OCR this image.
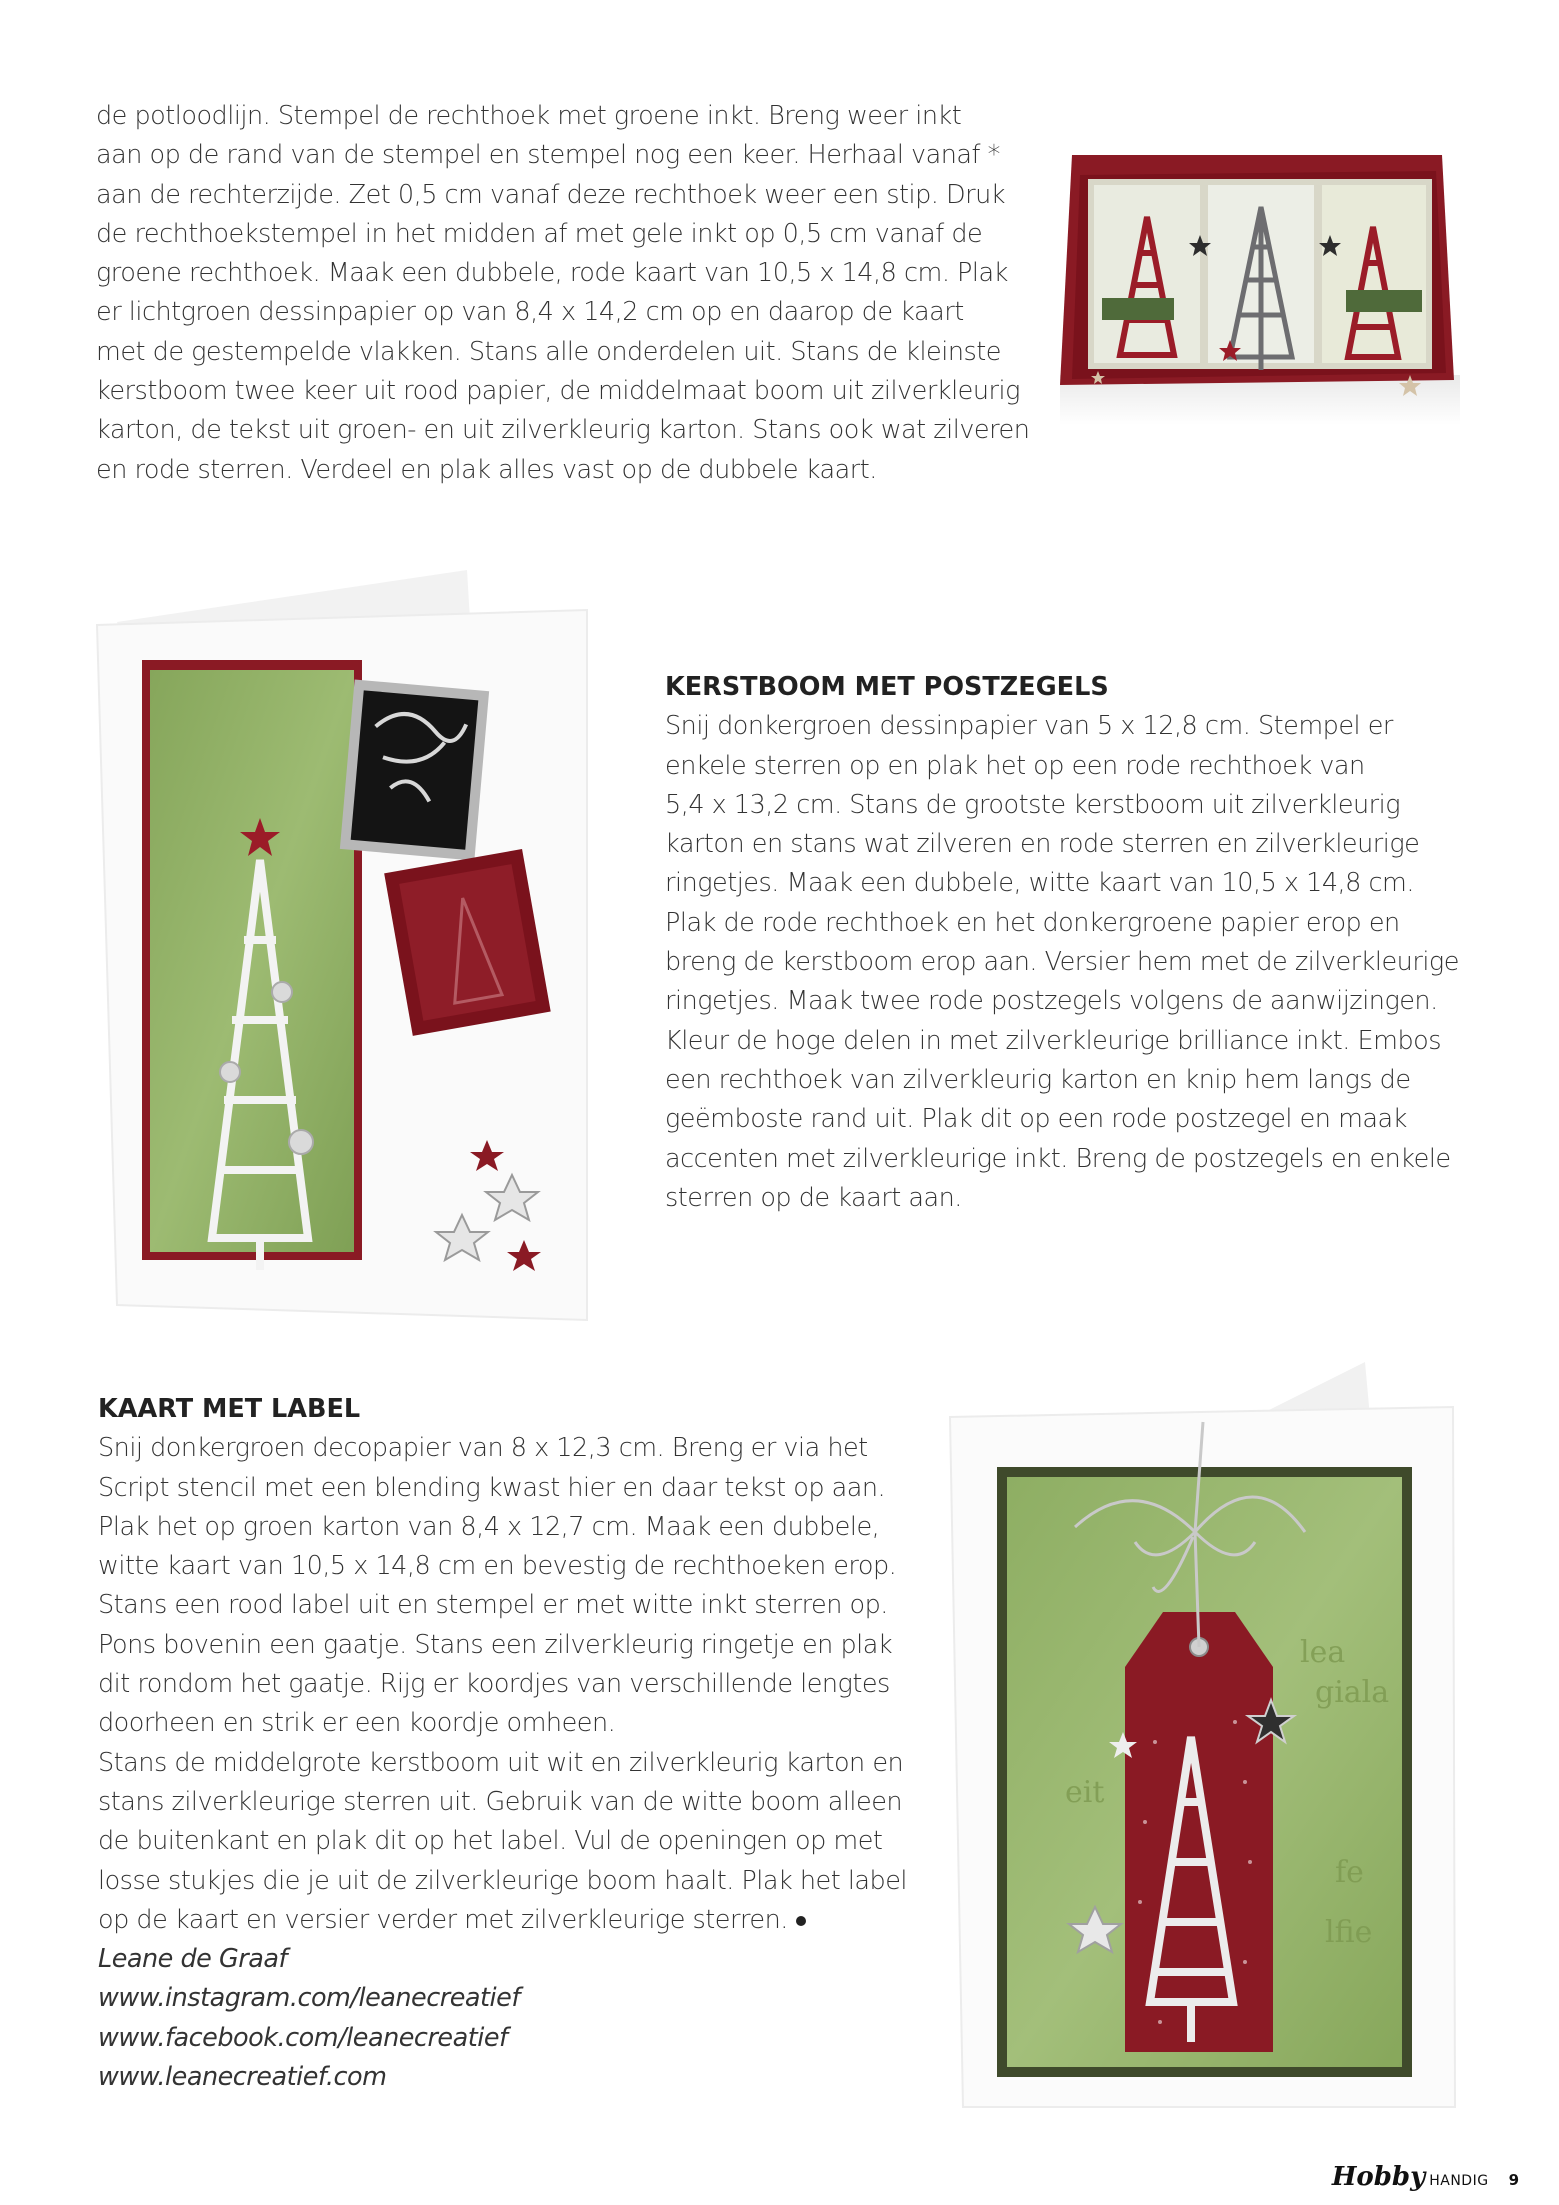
de potloodlijn. Stempel de rechthoek met groene inkt. Breng weer inkt
aan op de rand van de stempel en stempel nog een keer. Herhaal vanaf *
aan de rechterzijde. Zet 0,5 cm vanaf deze rechthoek weer een stip. Druk
de rechthoekstempel in het midden af met gele inkt op 0,5 cm vanaf de
groene rechthoek. Maak een dubbele, rode kaart van 10,5 x 14,8 cm. Plak
er lichtgroen dessinpapier op van 8,4 x 14,2 cm op en daarop de kaart
met de gestempelde vlakken. Stans alle onderdelen uit. Stans de kleinste
kerstboom twee keer uit rood papier, de middelmaat boom uit zilverkleurig
karton, de tekst uit groen- en uit zilverkleurig karton. Stans ook wat zilveren
en rode sterren. Verdeel en plak alles vast op de dubbele kaart.
KERSTBOOM MET POSTZEGELS
Snij donkergroen dessinpapier van 5 x 12,8 cm. Stempel er
enkele sterren op en plak het op een rode rechthoek van
5,4 x 13,2 cm. Stans de grootste kerstboom uit zilverkleurig
karton en stans wat zilveren en rode sterren en zilverkleurige
ringetjes. Maak een dubbele, witte kaart van 10,5 x 14,8 cm.
Plak de rode rechthoek en het donkergroene papier erop en
breng de kerstboom erop aan. Versier hem met de zilverkleurige
ringetjes. Maak twee rode postzegels volgens de aanwijzingen.
Kleur de hoge delen in met zilverkleurige brilliance inkt. Embos
een rechthoek van zilverkleurig karton en knip hem langs de
geëmboste rand uit. Plak dit op een rode postzegel en maak
accenten met zilverkleurige inkt. Breng de postzegels en enkele
sterren op de kaart aan.
KAART MET LABEL
Snij donkergroen decopapier van 8 x 12,3 cm. Breng er via het
Script stencil met een blending kwast hier en daar tekst op aan.
Plak het op groen karton van 8,4 x 12,7 cm. Maak een dubbele,
witte kaart van 10,5 x 14,8 cm en bevestig de rechthoeken erop.
Stans een rood label uit en stempel er met witte inkt sterren op.
Pons bovenin een gaatje. Stans een zilverkleurig ringetje en plak
dit rondom het gaatje. Rijg er koordjes van verschillende lengtes
doorheen en strik er een koordje omheen.
Stans de middelgrote kerstboom uit wit en zilverkleurig karton en
stans zilverkleurige sterren uit. Gebruik van de witte boom alleen
de buitenkant en plak dit op het label. Vul de openingen op met
losse stukjes die je uit de zilverkleurige boom haalt. Plak het label
op de kaart en versier verder met zilverkleurige sterren.
Leane de Graaf
www.instagram.com/leanecreatief
www.facebook.com/leanecreatief
www.leanecreatief.com
lea
giala
eit
fe
lfie
Hobby HANDIG 9
